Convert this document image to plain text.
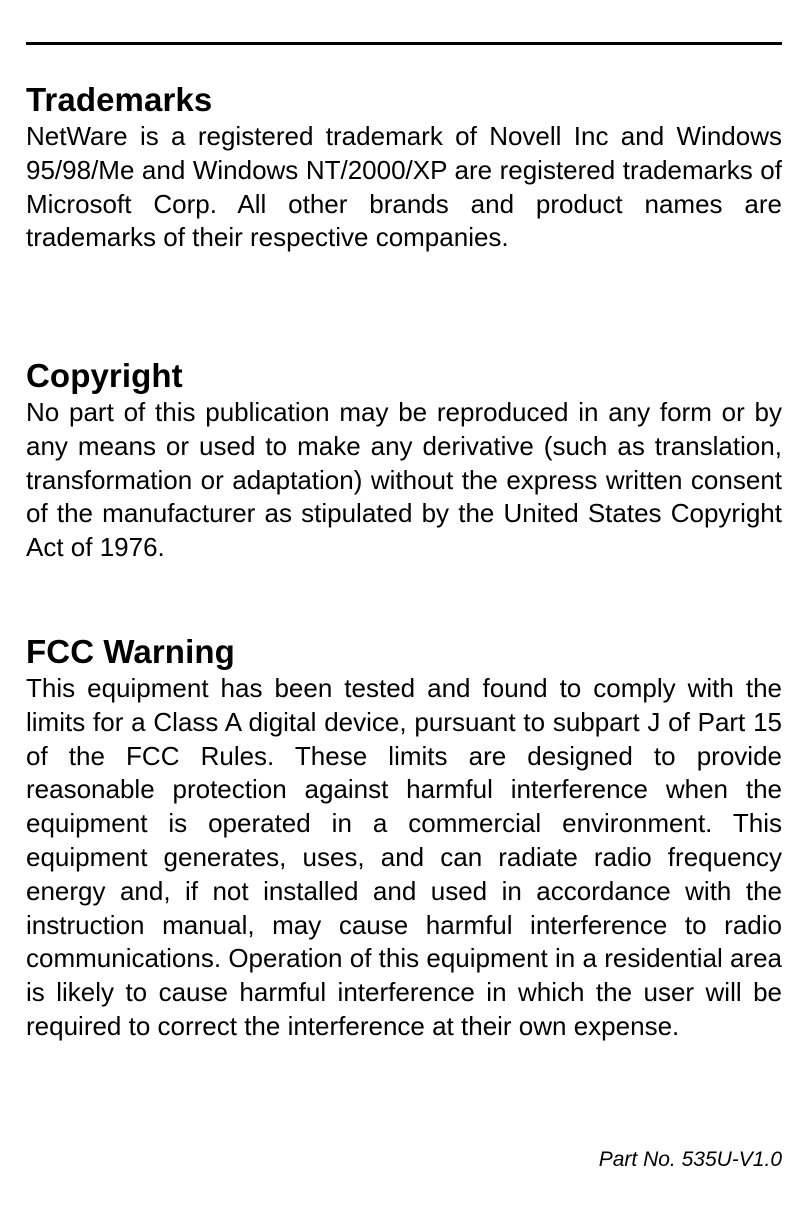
Trademarks

NetWare is a registered trademark of Novell Inc and Windows 95/98/Me and Windows NT/2000/XP are registered trademarks of Microsoft Corp. All other brands and product names are trademarks of their respective companies.

Copyright

No part of this publication may be reproduced in any form or by any means or used to make any derivative (such as translation, transformation or adaptation) without the express written consent of the manufacturer as stipulated by the United States Copyright Act of 1976.

FCC Warning

This equipment has been tested and found to comply with the limits for a Class A digital device, pursuant to subpart J of Part 15 of the FCC Rules. These limits are designed to provide reasonable protection against harmful interference when the equipment is operated in a commercial environment. This equipment generates, uses, and can radiate radio frequency energy and, if not installed and used in accordance with the instruction manual, may cause harmful interference to radio communications. Operation of this equipment in a residential area is likely to cause harmful interference in which the user will be required to correct the interference at their own expense.

Part No. 535U-V1.0
